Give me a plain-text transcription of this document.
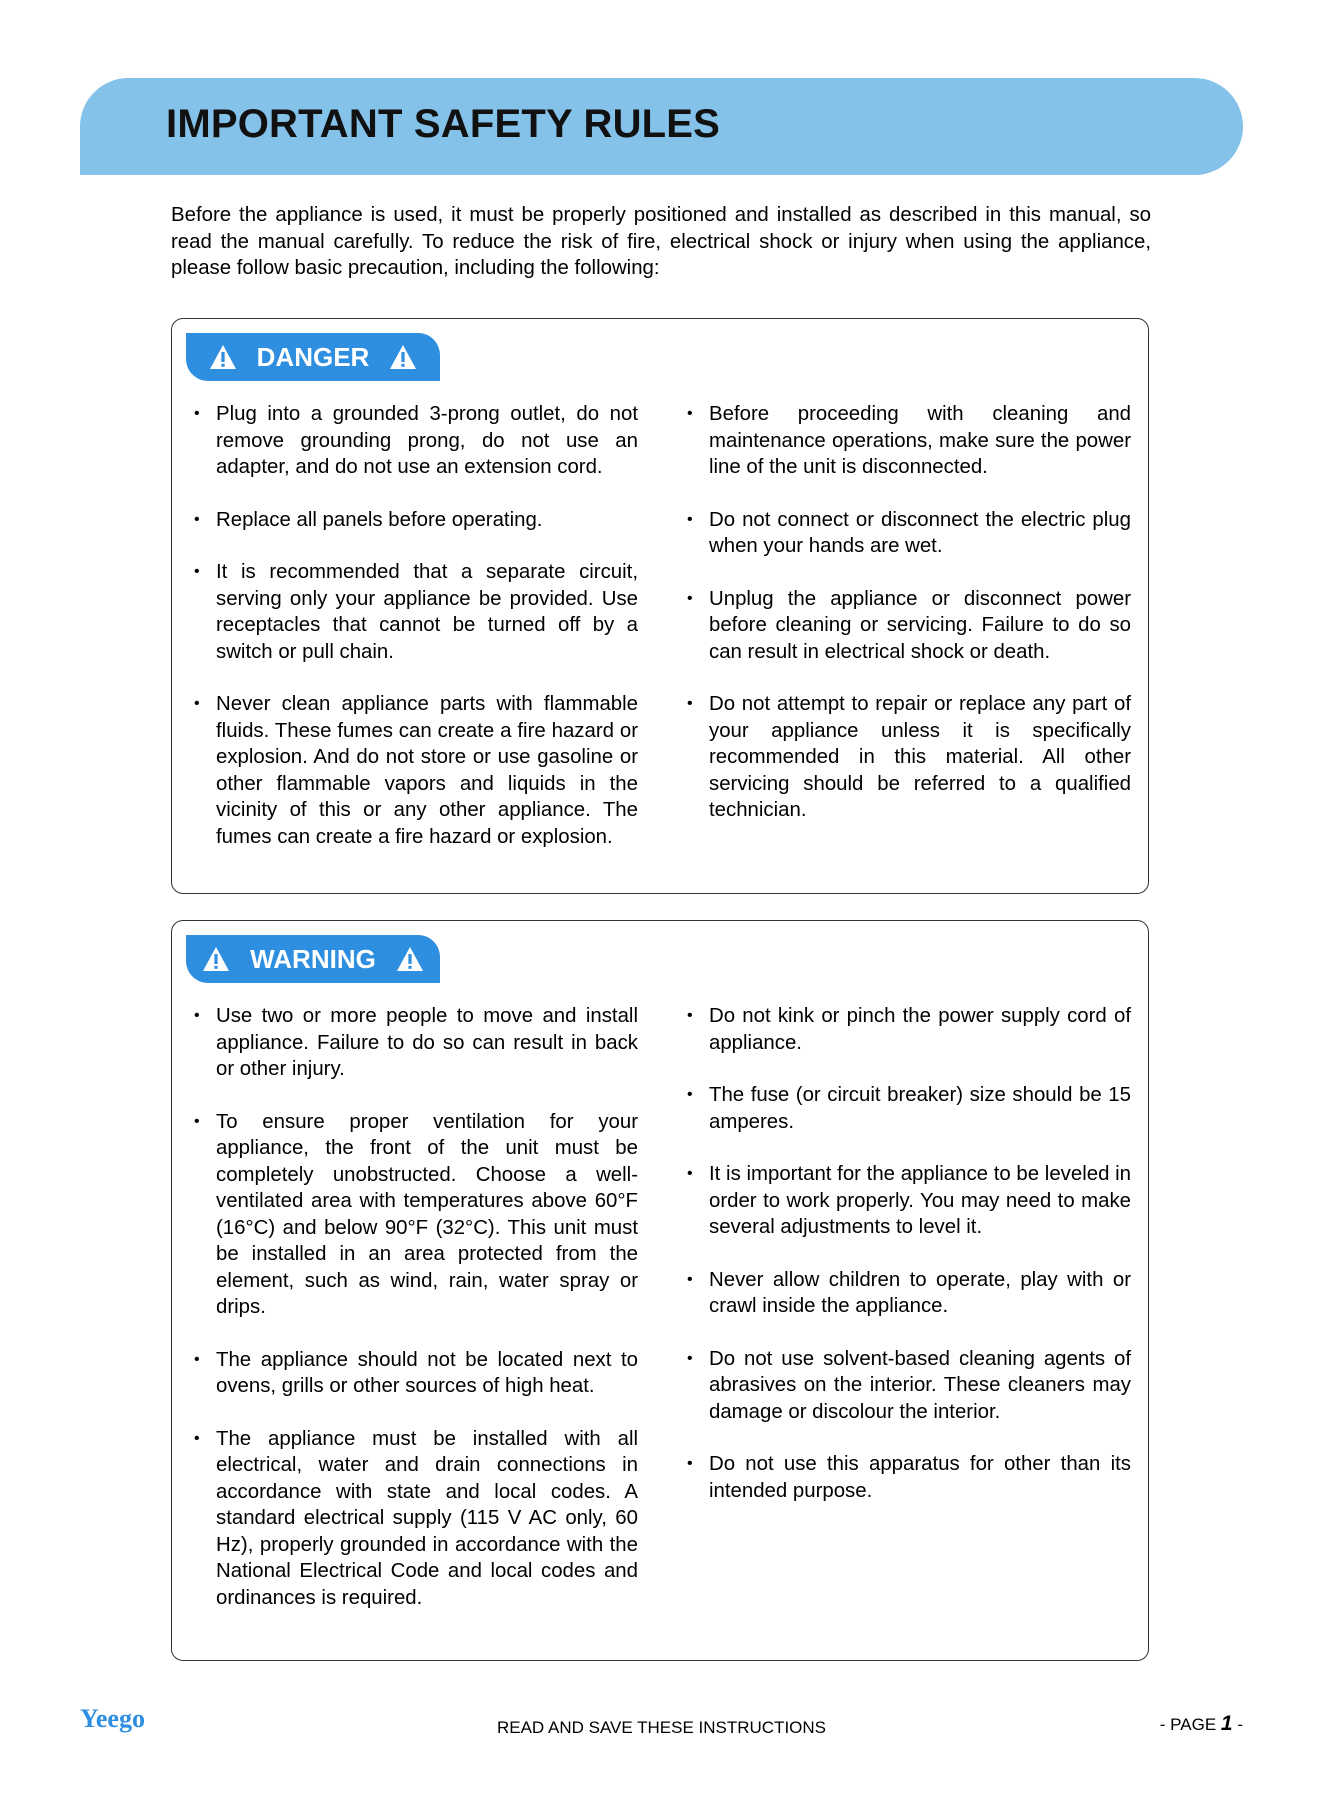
IMPORTANT SAFETY RULES
Before the appliance is used, it must be properly positioned and installed as described in this manual, so read the manual carefully. To reduce the risk of fire, electrical shock or injury when using the appliance, please follow basic precaution, including the following:
DANGER
• Plug into a grounded 3-prong outlet, do not remove grounding prong, do not use an adapter, and do not use an extension cord.
• Replace all panels before operating.
• It is recommended that a separate circuit, serving only your appliance be provided. Use receptacles that cannot be turned off by a switch or pull chain.
• Never clean appliance parts with flammable fluids. These fumes can create a fire hazard or explosion. And do not store or use gasoline or other flammable vapors and liquids in the vicinity of this or any other appliance. The fumes can create a fire hazard or explosion.
• Before proceeding with cleaning and maintenance operations, make sure the power line of the unit is disconnected.
• Do not connect or disconnect the electric plug when your hands are wet.
• Unplug the appliance or disconnect power before cleaning or servicing. Failure to do so can result in electrical shock or death.
• Do not attempt to repair or replace any part of your appliance unless it is specifically recommended in this material. All other servicing should be referred to a qualified technician.
WARNING
• Use two or more people to move and install appliance. Failure to do so can result in back or other injury.
• To ensure proper ventilation for your appliance, the front of the unit must be completely unobstructed. Choose a well-ventilated area with temperatures above 60°F (16°C) and below 90°F (32°C). This unit must be installed in an area protected from the element, such as wind, rain, water spray or drips.
• The appliance should not be located next to ovens, grills or other sources of high heat.
• The appliance must be installed with all electrical, water and drain connections in accordance with state and local codes. A standard electrical supply (115 V AC only, 60 Hz), properly grounded in accordance with the National Electrical Code and local codes and ordinances is required.
• Do not kink or pinch the power supply cord of appliance.
• The fuse (or circuit breaker) size should be 15 amperes.
• It is important for the appliance to be leveled in order to work properly. You may need to make several adjustments to level it.
• Never allow children to operate, play with or crawl inside the appliance.
• Do not use solvent-based cleaning agents of abrasives on the interior. These cleaners may damage or discolour the interior.
• Do not use this apparatus for other than its intended purpose.
Yeego	READ AND SAVE THESE INSTRUCTIONS	- PAGE 1 -
